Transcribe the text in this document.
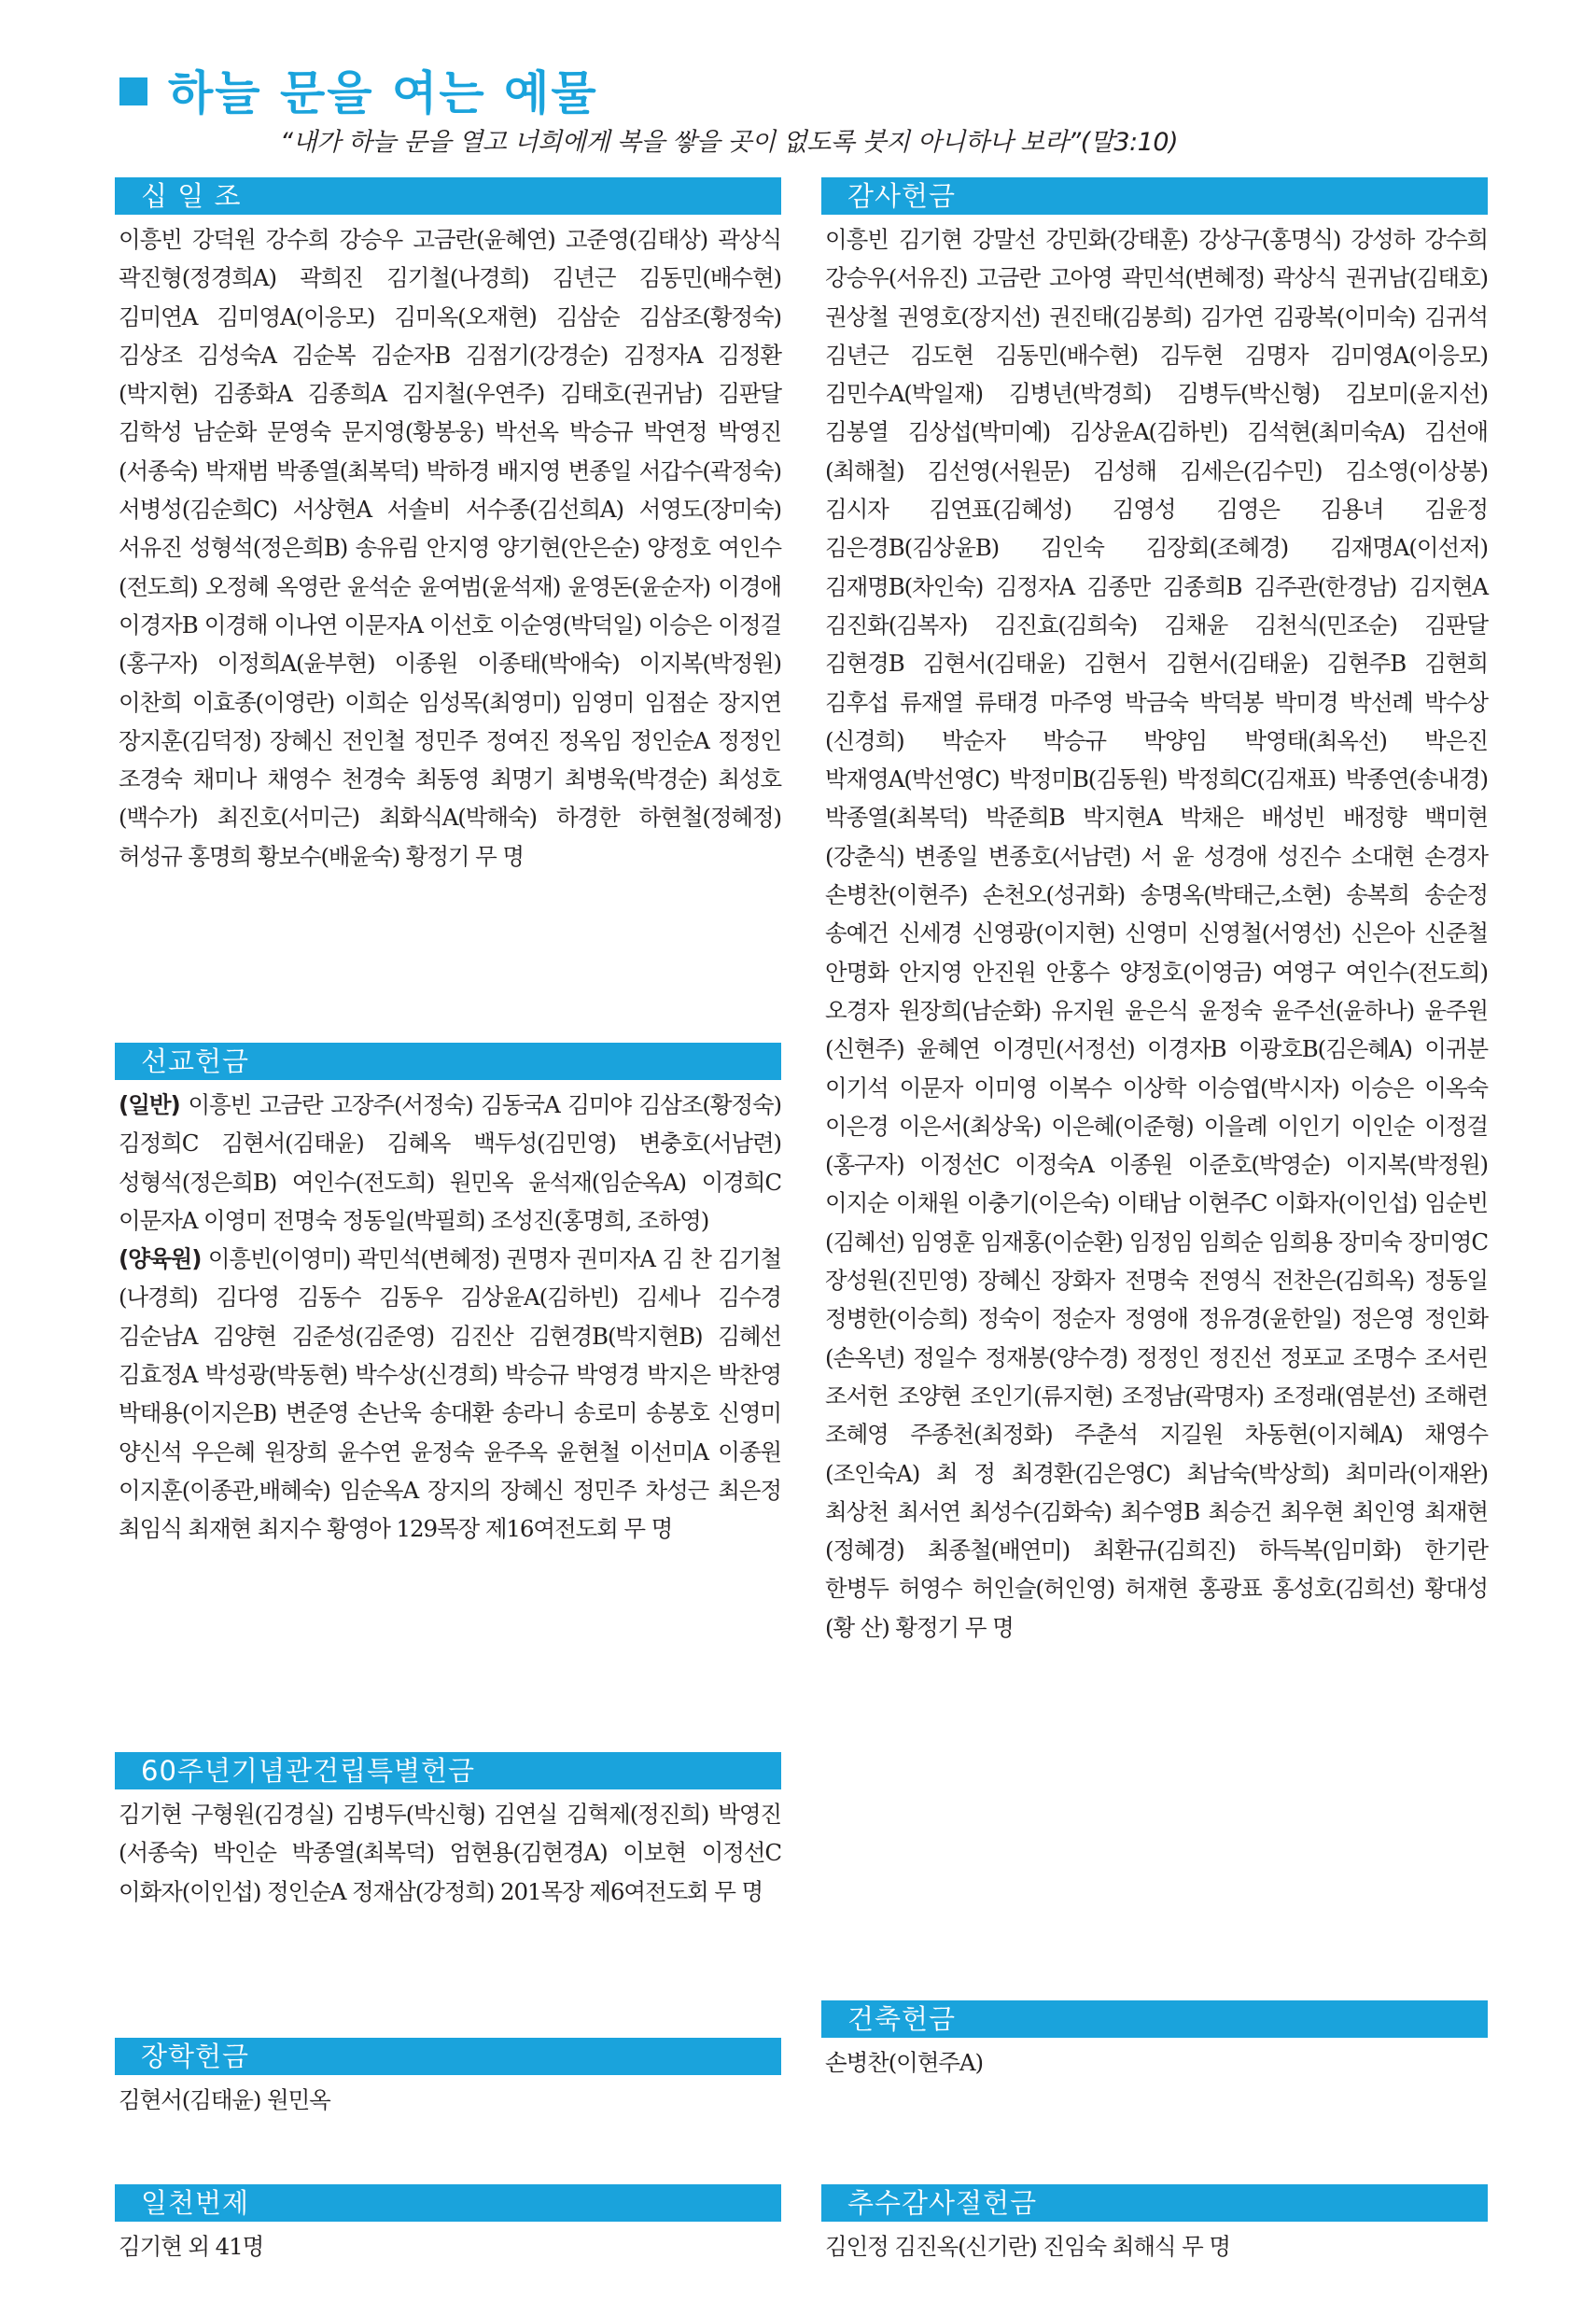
하늘 문을 여는 예물
“내가 하늘 문을 열고 너희에게 복을 쌓을 곳이 없도록 붓지 아니하나 보라”(말3:10)
십 일 조
이흥빈 강덕원 강수희 강승우 고금란(윤혜연) 고준영(김태상) 곽상식 곽진형(정경희A) 곽희진 김기철(나경희) 김년근 김동민(배수현) 김미연A 김미영A(이응모) 김미옥(오재현) 김삼순 김삼조(황정숙) 김상조 김성숙A 김순복 김순자B 김점기(강경순) 김정자A 김정환(박지현) 김종화A 김종희A 김지철(우연주) 김태호(권귀남) 김판달 김학성 남순화 문영숙 문지영(황봉웅) 박선옥 박승규 박연정 박영진(서종숙) 박재범 박종열(최복덕) 박하경 배지영 변종일 서갑수(곽정숙) 서병성(김순희C) 서상현A 서솔비 서수종(김선희A) 서영도(장미숙) 서유진 성형석(정은희B) 송유림 안지영 양기현(안은순) 양정호 여인수(전도희) 오정혜 옥영란 윤석순 윤여범(윤석재) 윤영돈(윤순자) 이경애 이경자B 이경해 이나연 이문자A 이선호 이순영(박덕일) 이승은 이정걸(홍구자) 이정희A(윤부현) 이종원 이종태(박애숙) 이지복(박정원) 이찬희 이효종(이영란) 이희순 임성목(최영미) 임영미 임점순 장지연 장지훈(김덕정) 장혜신 전인철 정민주 정여진 정옥임 정인순A 정정인 조경숙 채미나 채영수 천경숙 최동영 최명기 최병욱(박경순) 최성호(백수가) 최진호(서미근) 최화식A(박해숙) 하경한 하현철(정혜정) 허성규 홍명희 황보수(배윤숙) 황정기 무 명
선교헌금
(일반) 이흥빈 고금란 고장주(서정숙) 김동국A 김미야 김삼조(황정숙) 김정희C 김현서(김태윤) 김혜옥 백두성(김민영) 변충호(서남련) 성형석(정은희B) 여인수(전도희) 원민옥 윤석재(임순옥A) 이경희C 이문자A 이영미 전명숙 정동일(박필희) 조성진(홍명희, 조하영)
(양육원) 이흥빈(이영미) 곽민석(변혜정) 권명자 권미자A 김 찬 김기철(나경희) 김다영 김동수 김동우 김상윤A(김하빈) 김세나 김수경 김순남A 김양현 김준성(김준영) 김진산 김현경B(박지현B) 김혜선 김효정A 박성광(박동현) 박수상(신경희) 박승규 박영경 박지은 박찬영 박태용(이지은B) 변준영 손난욱 송대환 송라니 송로미 송봉호 신영미 양신석 우은혜 원장희 윤수연 윤정숙 윤주옥 윤현철 이선미A 이종원 이지훈(이종관,배혜숙) 임순옥A 장지의 장혜신 정민주 차성근 최은정 최임식 최재현 최지수 황영아 129목장 제16여전도회 무 명
60주년기념관건립특별헌금
김기현 구형원(김경실) 김병두(박신형) 김연실 김혁제(정진희) 박영진(서종숙) 박인순 박종열(최복덕) 엄현용(김현경A) 이보현 이정선C 이화자(이인섭) 정인순A 정재삼(강정희) 201목장 제6여전도회 무 명
장학헌금
김현서(김태윤) 원민옥
일천번제
김기현 외 41명
감사헌금
이흥빈 김기현 강말선 강민화(강태훈) 강상구(홍명식) 강성하 강수희 강승우(서유진) 고금란 고아영 곽민석(변혜정) 곽상식 권귀남(김태호) 권상철 권영호(장지선) 권진태(김봉희) 김가연 김광복(이미숙) 김귀석 김년근 김도현 김동민(배수현) 김두현 김명자 김미영A(이응모) 김민수A(박일재) 김병년(박경희) 김병두(박신형) 김보미(윤지선) 김봉열 김상섭(박미예) 김상윤A(김하빈) 김석현(최미숙A) 김선애(최해철) 김선영(서원문) 김성해 김세은(김수민) 김소영(이상봉) 김시자 김연표(김혜성) 김영성 김영은 김용녀 김윤정 김은경B(김상윤B) 김인숙 김장회(조혜경) 김재명A(이선저) 김재명B(차인숙) 김정자A 김종만 김종희B 김주관(한경남) 김지현A 김진화(김복자) 김진효(김희숙) 김채윤 김천식(민조순) 김판달 김현경B 김현서(김태윤) 김현서 김현서(김태윤) 김현주B 김현희 김후섭 류재열 류태경 마주영 박금숙 박덕봉 박미경 박선례 박수상(신경희) 박순자 박승규 박양임 박영태(최옥선) 박은진 박재영A(박선영C) 박정미B(김동원) 박정희C(김재표) 박종연(송내경) 박종열(최복덕) 박준희B 박지현A 박채은 배성빈 배정향 백미현(강춘식) 변종일 변종호(서남련) 서 윤 성경애 성진수 소대현 손경자 손병찬(이현주) 손천오(성귀화) 송명옥(박태근,소현) 송복희 송순정 송예건 신세경 신영광(이지현) 신영미 신영철(서영선) 신은아 신준철 안명화 안지영 안진원 안홍수 양정호(이영금) 여영구 여인수(전도희) 오경자 원장희(남순화) 유지원 윤은식 윤정숙 윤주선(윤하나) 윤주원(신현주) 윤혜연 이경민(서정선) 이경자B 이광호B(김은혜A) 이귀분 이기석 이문자 이미영 이복수 이상학 이승엽(박시자) 이승은 이옥숙 이은경 이은서(최상욱) 이은혜(이준형) 이을례 이인기 이인순 이정걸(홍구자) 이정선C 이정숙A 이종원 이준호(박영순) 이지복(박정원) 이지순 이채원 이충기(이은숙) 이태남 이현주C 이화자(이인섭) 임순빈(김혜선) 임영훈 임재홍(이순환) 임정임 임희순 임희용 장미숙 장미영C 장성원(진민영) 장혜신 장화자 전명숙 전영식 전찬은(김희옥) 정동일 정병한(이승희) 정숙이 정순자 정영애 정유경(윤한일) 정은영 정인화(손옥년) 정일수 정재봉(양수경) 정정인 정진선 정포교 조명수 조서린 조서헌 조양현 조인기(류지현) 조정남(곽명자) 조정래(염분선) 조해련 조혜영 주종천(최정화) 주춘석 지길원 차동현(이지혜A) 채영수(조인숙A) 최 정 최경환(김은영C) 최남숙(박상희) 최미라(이재완) 최상천 최서연 최성수(김화숙) 최수영B 최승건 최우현 최인영 최재현(정혜경) 최종철(배연미) 최환규(김희진) 하득복(임미화) 한기란 한병두 허영수 허인슬(허인영) 허재현 홍광표 홍성호(김희선) 황대성(황 산) 황정기 무 명
건축헌금
손병찬(이현주A)
추수감사절헌금
김인정 김진옥(신기란) 진임숙 최해식 무 명
